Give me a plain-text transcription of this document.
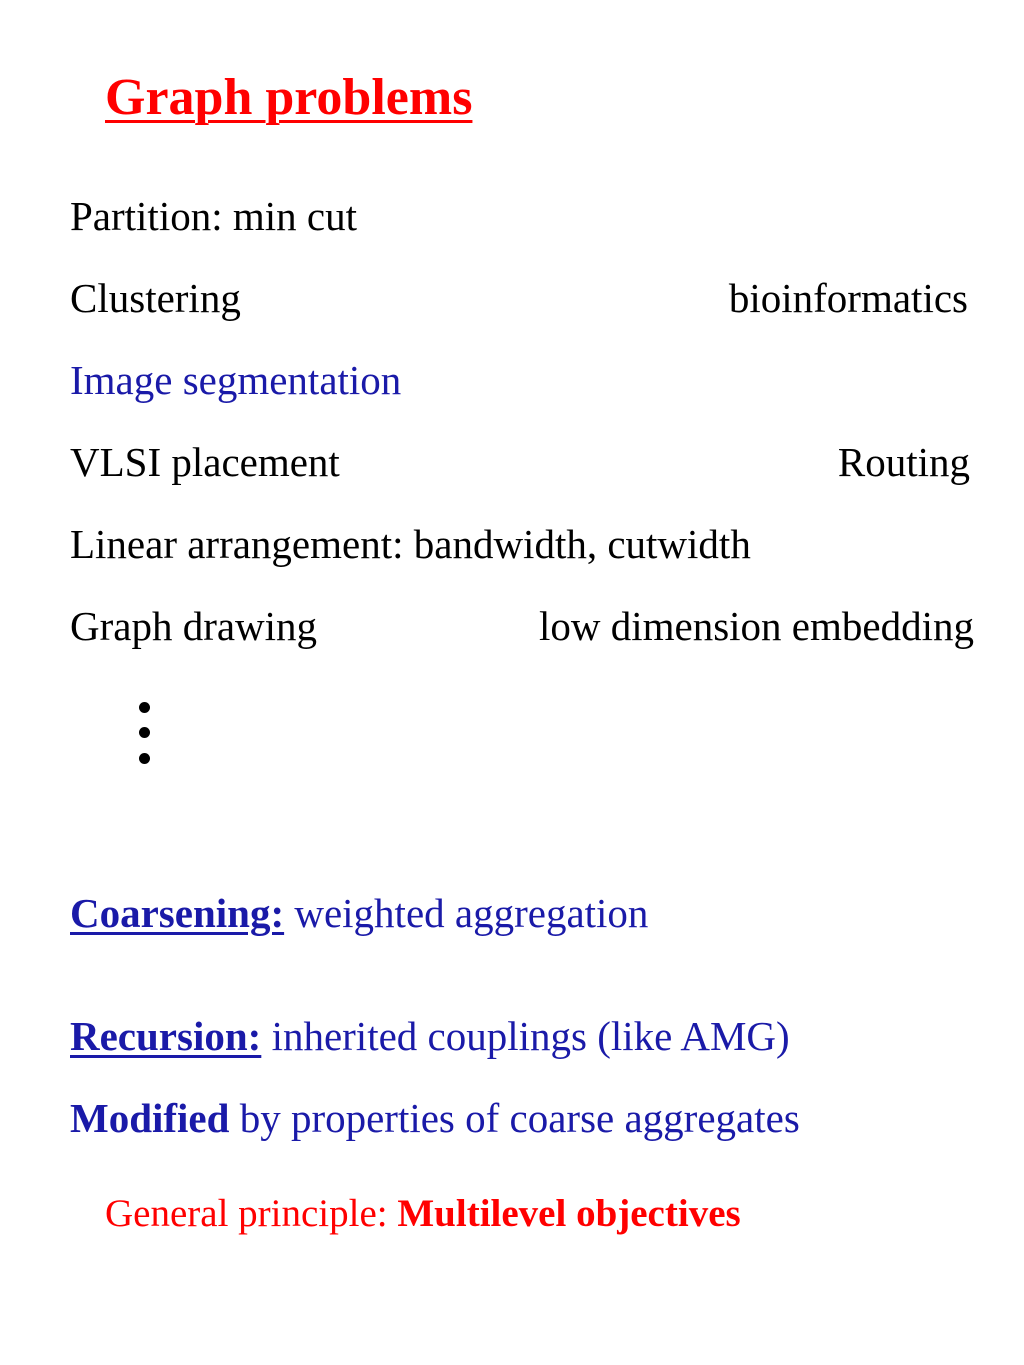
Graph problems
Partition: min cut
Clustering	bioinformatics
Image segmentation
VLSI placement	Routing
Linear arrangement: bandwidth, cutwidth
Graph drawing	low dimension embedding
Coarsening: weighted aggregation
Recursion: inherited couplings (like AMG)
Modified by properties of coarse aggregates
General principle: Multilevel objectives
